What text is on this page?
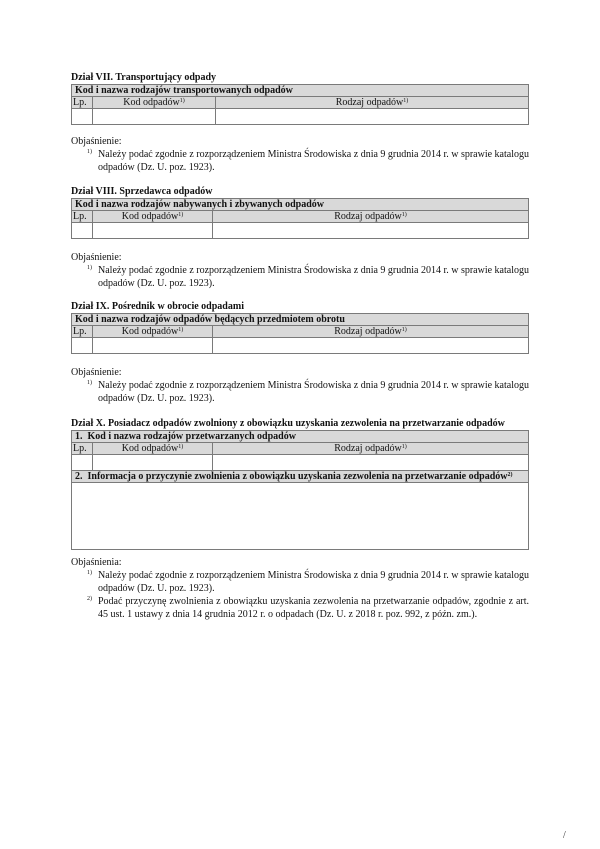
Dział VII. Transportujący odpady
Kod i nazwa rodzajów transportowanych odpadów		
Lp.	Kod odpadów$^{1)}$	Rodzaj odpadów$^{1)}$

Objaśnienie:
1) Należy podać zgodnie z rozporządzeniem Ministra Środowiska z dnia 9 grudnia 2014 r. w sprawie katalogu odpadów (Dz. U. poz. 1923).
Dział VIII. Sprzedawca odpadów
Kod i nazwa rodzajów nabywanych i zbywanych odpadów		
Lp.	Kod odpadów$^{1)}$	Rodzaj odpadów$^{1)}$

Objaśnienie:
1) Należy podać zgodnie z rozporządzeniem Ministra Środowiska z dnia 9 grudnia 2014 r. w sprawie katalogu odpadów (Dz. U. poz. 1923).
Dział IX. Pośrednik w obrocie odpadami
Kod i nazwa rodzajów odpadów będących przedmiotem obrotu		
Lp.	Kod odpadów$^{1)}$	Rodzaj odpadów$^{1)}$

Objaśnienie:
1) Należy podać zgodnie z rozporządzeniem Ministra Środowiska z dnia 9 grudnia 2014 r. w sprawie katalogu odpadów (Dz. U. poz. 1923).
Dział X. Posiadacz odpadów zwolniony z obowiązku uzyskania zezwolenia na przetwarzanie odpadów
1.  Kod i nazwa rodzajów przetwarzanych odpadów		
Lp.	Kod odpadów$^{1)}$	Rodzaj odpadów$^{1)}$

2.  Informacja o przyczynie zwolnienia z obowiązku uzyskania zezwolenia na przetwarzanie odpadów$^{2)}$

Objaśnienia:
1) Należy podać zgodnie z rozporządzeniem Ministra Środowiska z dnia 9 grudnia 2014 r. w sprawie katalogu odpadów (Dz. U. poz. 1923).
2) Podać przyczynę zwolnienia z obowiązku uzyskania zezwolenia na przetwarzanie odpadów, zgodnie z art. 45 ust. 1 ustawy z dnia 14 grudnia 2012 r. o odpadach (Dz. U. z 2018 r. poz. 992, z późn. zm.).
/
